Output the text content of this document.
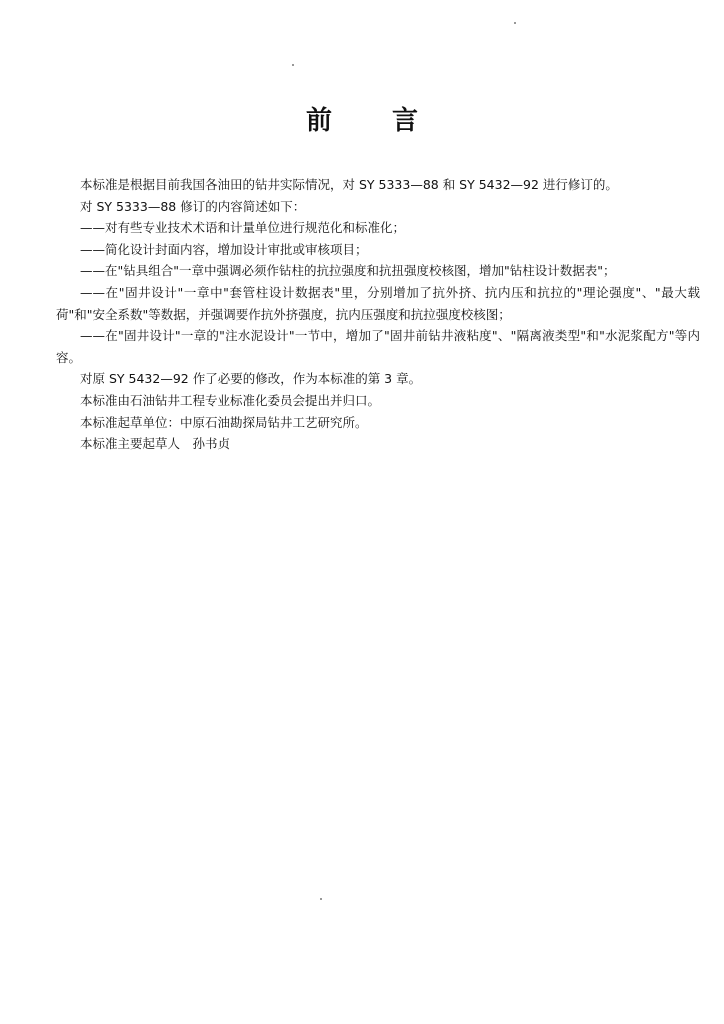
前 言

本标准是根据目前我国各油田的钻井实际情况，对 SY 5333—88 和 SY 5432—92 进行修订的。

对 SY 5333—88 修订的内容简述如下：

——对有些专业技术术语和计量单位进行规范化和标准化；

——简化设计封面内容，增加设计审批或审核项目；

——在"钻具组合"一章中强调必须作钻柱的抗拉强度和抗扭强度校核图，增加"钻柱设计数据表"；

——在"固井设计"一章中"套管柱设计数据表"里，分别增加了抗外挤、抗内压和抗拉的"理论强度"、"最大载荷"和"安全系数"等数据，并强调要作抗外挤强度，抗内压强度和抗拉强度校核图；

——在"固井设计"一章的"注水泥设计"一节中，增加了"固井前钻井液粘度"、"隔离液类型"和"水泥浆配方"等内容。

对原 SY 5432—92 作了必要的修改，作为本标准的第 3 章。

本标准由石油钻井工程专业标准化委员会提出并归口。

本标准起草单位：中原石油勘探局钻井工艺研究所。

本标准主要起草人　孙书贞
